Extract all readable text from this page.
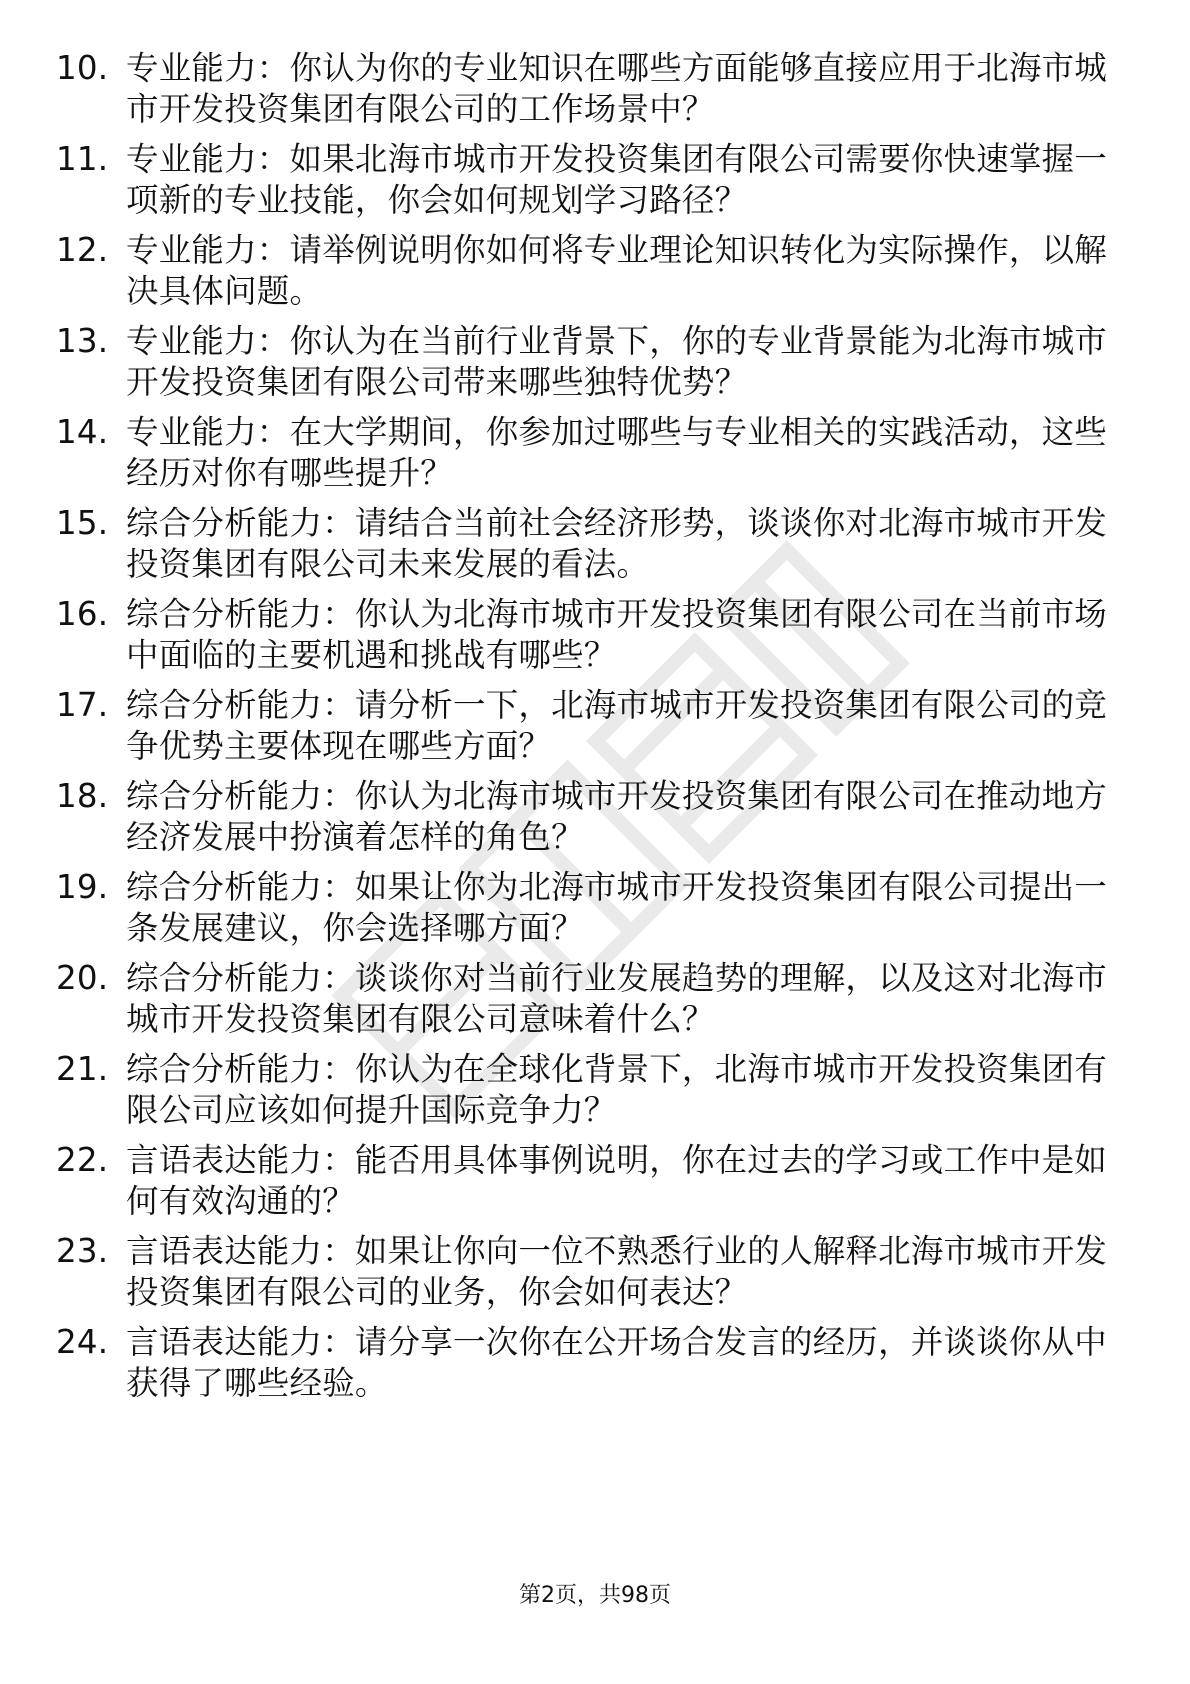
10. 专业能力：你认为你的专业知识在哪些方面能够直接应用于北海市城市开发投资集团有限公司的工作场景中？
11. 专业能力：如果北海市城市开发投资集团有限公司需要你快速掌握一项新的专业技能，你会如何规划学习路径？
12. 专业能力：请举例说明你如何将专业理论知识转化为实际操作，以解决具体问题。
13. 专业能力：你认为在当前行业背景下，你的专业背景能为北海市城市开发投资集团有限公司带来哪些独特优势？
14. 专业能力：在大学期间，你参加过哪些与专业相关的实践活动，这些经历对你有哪些提升？
15. 综合分析能力：请结合当前社会经济形势，谈谈你对北海市城市开发投资集团有限公司未来发展的看法。
16. 综合分析能力：你认为北海市城市开发投资集团有限公司在当前市场中面临的主要机遇和挑战有哪些？
17. 综合分析能力：请分析一下，北海市城市开发投资集团有限公司的竞争优势主要体现在哪些方面？
18. 综合分析能力：你认为北海市城市开发投资集团有限公司在推动地方经济发展中扮演着怎样的角色？
19. 综合分析能力：如果让你为北海市城市开发投资集团有限公司提出一条发展建议，你会选择哪方面？
20. 综合分析能力：谈谈你对当前行业发展趋势的理解，以及这对北海市城市开发投资集团有限公司意味着什么？
21. 综合分析能力：你认为在全球化背景下，北海市城市开发投资集团有限公司应该如何提升国际竞争力？
22. 言语表达能力：能否用具体事例说明，你在过去的学习或工作中是如何有效沟通的？
23. 言语表达能力：如果让你向一位不熟悉行业的人解释北海市城市开发投资集团有限公司的业务，你会如何表达？
24. 言语表达能力：请分享一次你在公开场合发言的经历，并谈谈你从中获得了哪些经验。
第2页，共98页
